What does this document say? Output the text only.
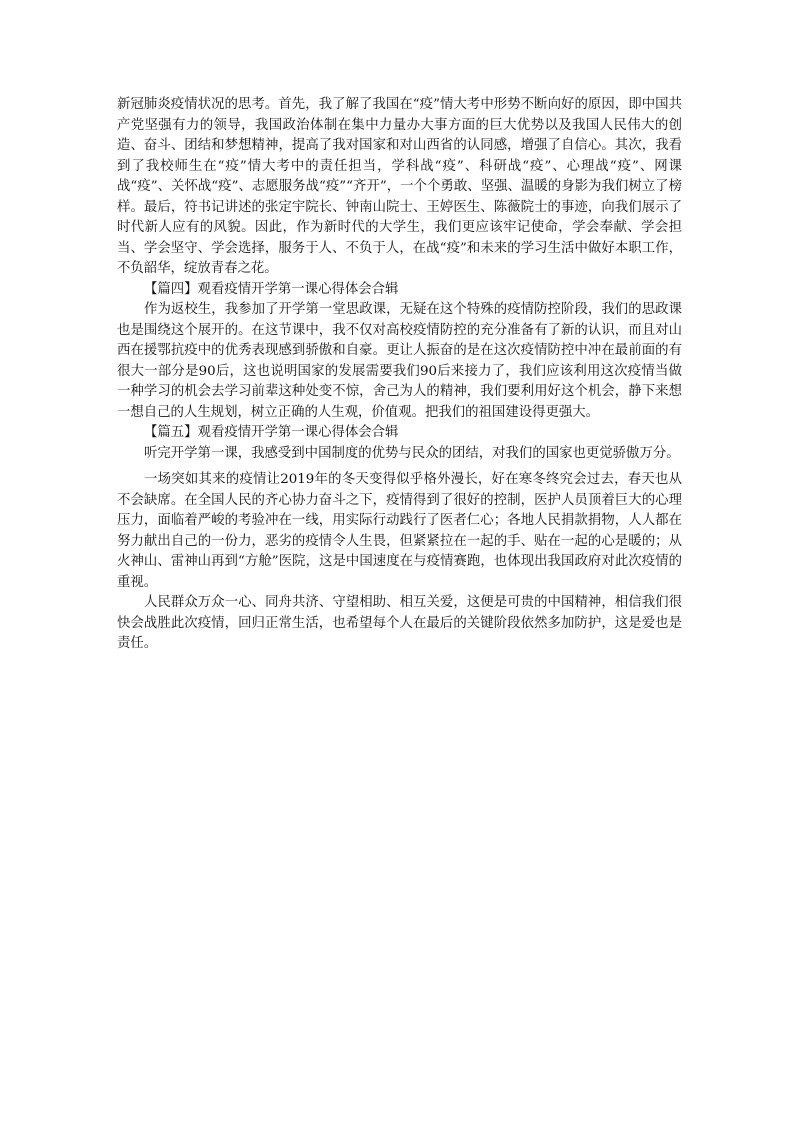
新冠肺炎疫情状况的思考。首先，我了解了我国在“疫”情大考中形势不断向好的原因，即中国共产党坚强有力的领导，我国政治体制在集中力量办大事方面的巨大优势以及我国人民伟大的创造、奋斗、团结和梦想精神，提高了我对国家和对山西省的认同感，增强了自信心。其次，我看到了我校师生在“疫”情大考中的责任担当，学科战“疫”、科研战“疫”、心理战“疫”、网课战“疫”、关怀战“疫”、志愿服务战“疫”“齐开”，一个个勇敢、坚强、温暖的身影为我们树立了榜样。最后，符书记讲述的张定宇院长、钟南山院士、王婷医生、陈薇院士的事迹，向我们展示了时代新人应有的风貌。因此，作为新时代的大学生，我们更应该牢记使命，学会奉献、学会担当、学会坚守、学会选择，服务于人、不负于人，在战“疫”和未来的学习生活中做好本职工作，不负韶华，绽放青春之花。

【篇四】观看疫情开学第一课心得体会合辑

作为返校生，我参加了开学第一堂思政课，无疑在这个特殊的疫情防控阶段，我们的思政课也是围绕这个展开的。在这节课中，我不仅对高校疫情防控的充分准备有了新的认识，而且对山西在援鄂抗疫中的优秀表现感到骄傲和自豪。更让人振奋的是在这次疫情防控中冲在最前面的有很大一部分是90后，这也说明国家的发展需要我们90后来接力了，我们应该利用这次疫情当做一种学习的机会去学习前辈这种处变不惊，舍己为人的精神，我们要利用好这个机会，静下来想一想自己的人生规划，树立正确的人生观，价值观。把我们的祖国建设得更强大。

【篇五】观看疫情开学第一课心得体会合辑

听完开学第一课，我感受到中国制度的优势与民众的团结，对我们的国家也更觉骄傲万分。

一场突如其来的疫情让2019年的冬天变得似乎格外漫长，好在寒冬终究会过去，春天也从不会缺席。在全国人民的齐心协力奋斗之下，疫情得到了很好的控制，医护人员顶着巨大的心理压力，面临着严峻的考验冲在一线，用实际行动践行了医者仁心；各地人民捐款捐物，人人都在努力献出自己的一份力，恶劣的疫情令人生畏，但紧紧拉在一起的手、贴在一起的心是暖的；从火神山、雷神山再到“方舱”医院，这是中国速度在与疫情赛跑，也体现出我国政府对此次疫情的重视。

人民群众万众一心、同舟共济、守望相助、相互关爱，这便是可贵的中国精神，相信我们很快会战胜此次疫情，回归正常生活，也希望每个人在最后的关键阶段依然多加防护，这是爱也是责任。
